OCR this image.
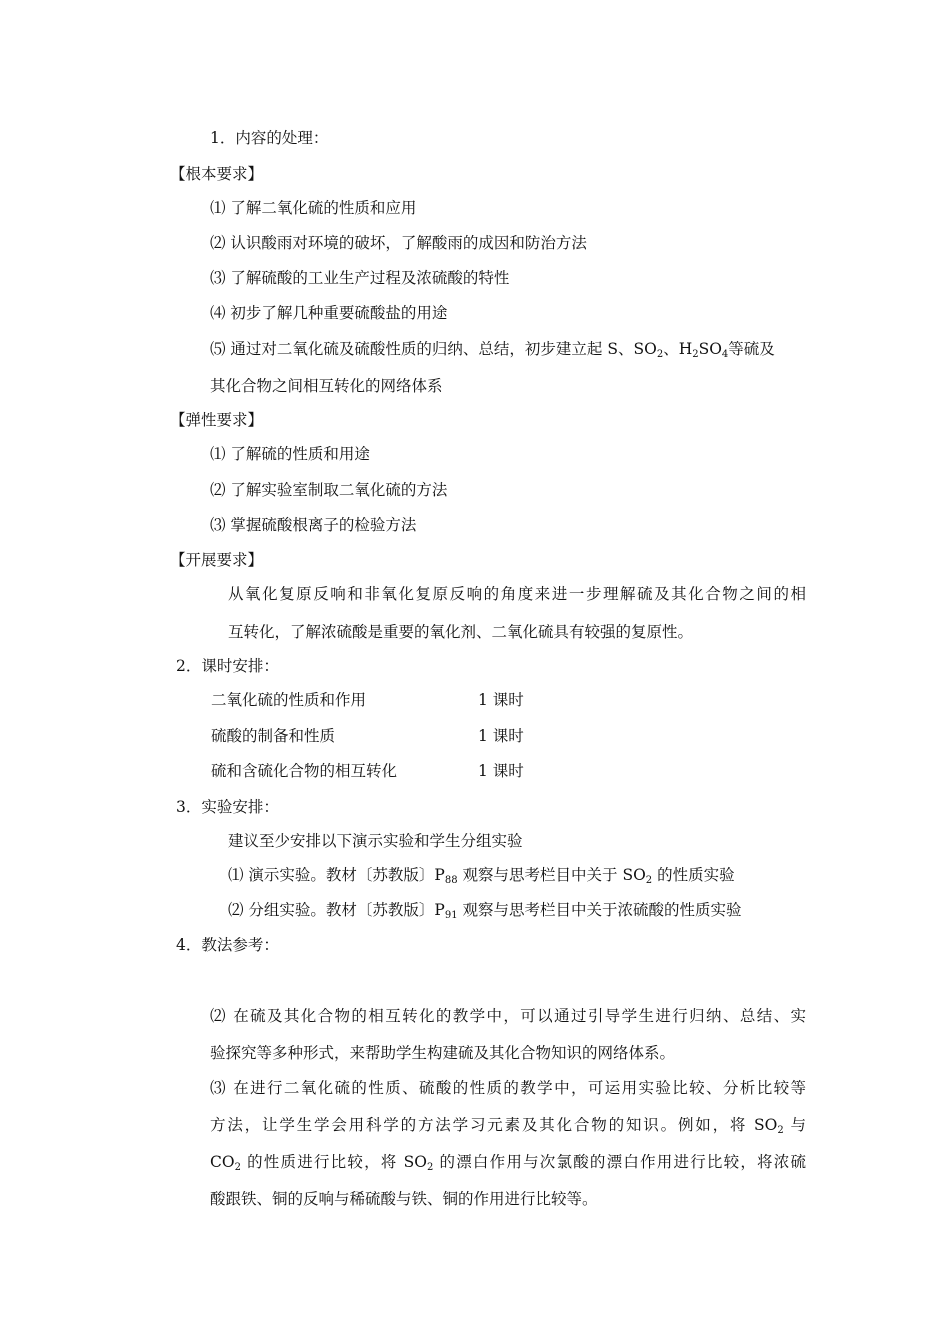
1．内容的处理：
【根本要求】
⑴ 了解二氧化硫的性质和应用
⑵ 认识酸雨对环境的破坏，了解酸雨的成因和防治方法
⑶ 了解硫酸的工业生产过程及浓硫酸的特性
⑷ 初步了解几种重要硫酸盐的用途
⑸ 通过对二氧化硫及硫酸性质的归纳、总结，初步建立起 S、$SO_2$、$H_2SO_4$等硫及
其化合物之间相互转化的网络体系
【弹性要求】
⑴ 了解硫的性质和用途
⑵ 了解实验室制取二氧化硫的方法
⑶ 掌握硫酸根离子的检验方法
【开展要求】
从氧化复原反响和非氧化复原反响的角度来进一步理解硫及其化合物之间的相
互转化，了解浓硫酸是重要的氧化剂、二氧化硫具有较强的复原性。
2．课时安排：
二氧化硫的性质和作用	1 课时
硫酸的制备和性质	1 课时
硫和含硫化合物的相互转化	1 课时
3．实验安排：
建议至少安排以下演示实验和学生分组实验
⑴ 演示实验。教材〔苏教版〕$P_{88}$ 观察与思考栏目中关于 $SO_2$ 的性质实验
⑵ 分组实验。教材〔苏教版〕$P_{91}$ 观察与思考栏目中关于浓硫酸的性质实验
4．教法参考：
⑵ 在硫及其化合物的相互转化的教学中，可以通过引导学生进行归纳、总结、实
验探究等多种形式，来帮助学生构建硫及其化合物知识的网络体系。
⑶ 在进行二氧化硫的性质、硫酸的性质的教学中，可运用实验比较、分析比较等
方法，让学生学会用科学的方法学习元素及其化合物的知识。例如，将 $SO_2$ 与
$CO_2$ 的性质进行比较，将 $SO_2$ 的漂白作用与次氯酸的漂白作用进行比较，将浓硫
酸跟铁、铜的反响与稀硫酸与铁、铜的作用进行比较等。
